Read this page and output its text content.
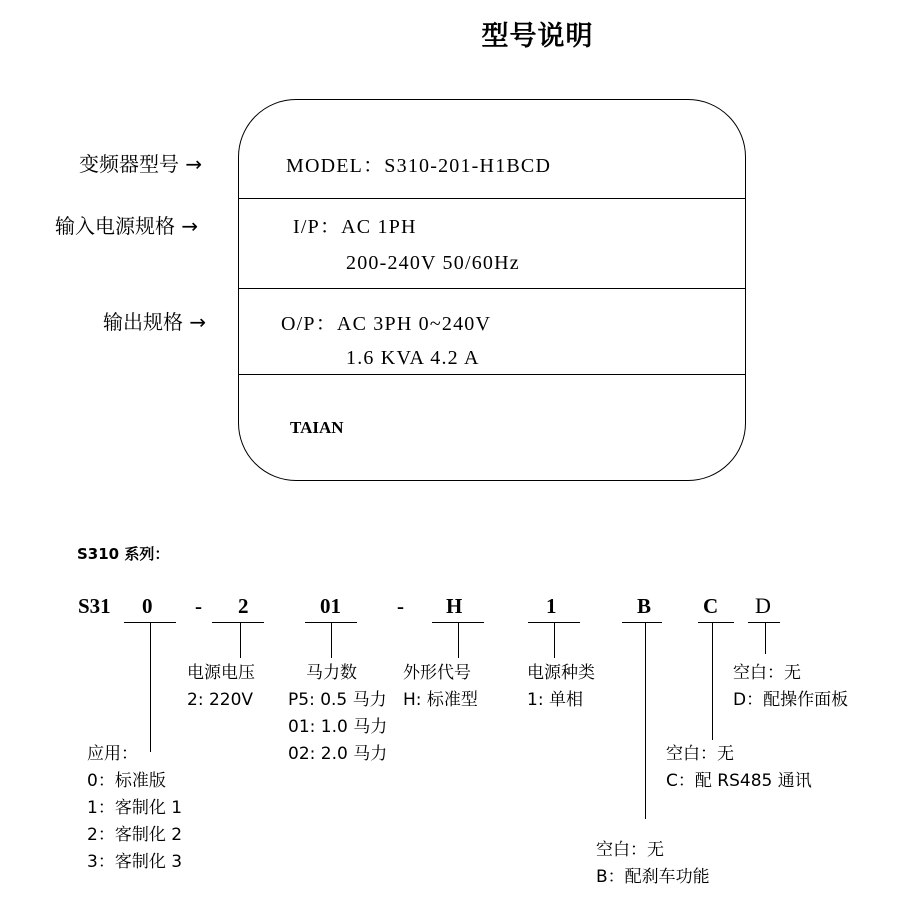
型号说明
变频器型号 →
输入电源规格 →
输出规格 →
MODEL：S310-201-H1BCD
I/P：AC 1PH
200-240V 50/60Hz
O/P：AC 3PH 0~240V
1.6 KVA 4.2 A
TAIAN
S310 系列：
S31 0 - 2	01	- H	1	B C D
电源电压
2: 220V
马力数
P5: 0.5 马力
01: 1.0 马力
02: 2.0 马力
外形代号
H: 标准型
电源种类
1: 单相
空白：无
D：配操作面板
空白：无
C：配 RS485 通讯
应用：
0：标准版
1：客制化 1
2：客制化 2
3：客制化 3
空白：无
B：配刹车功能
